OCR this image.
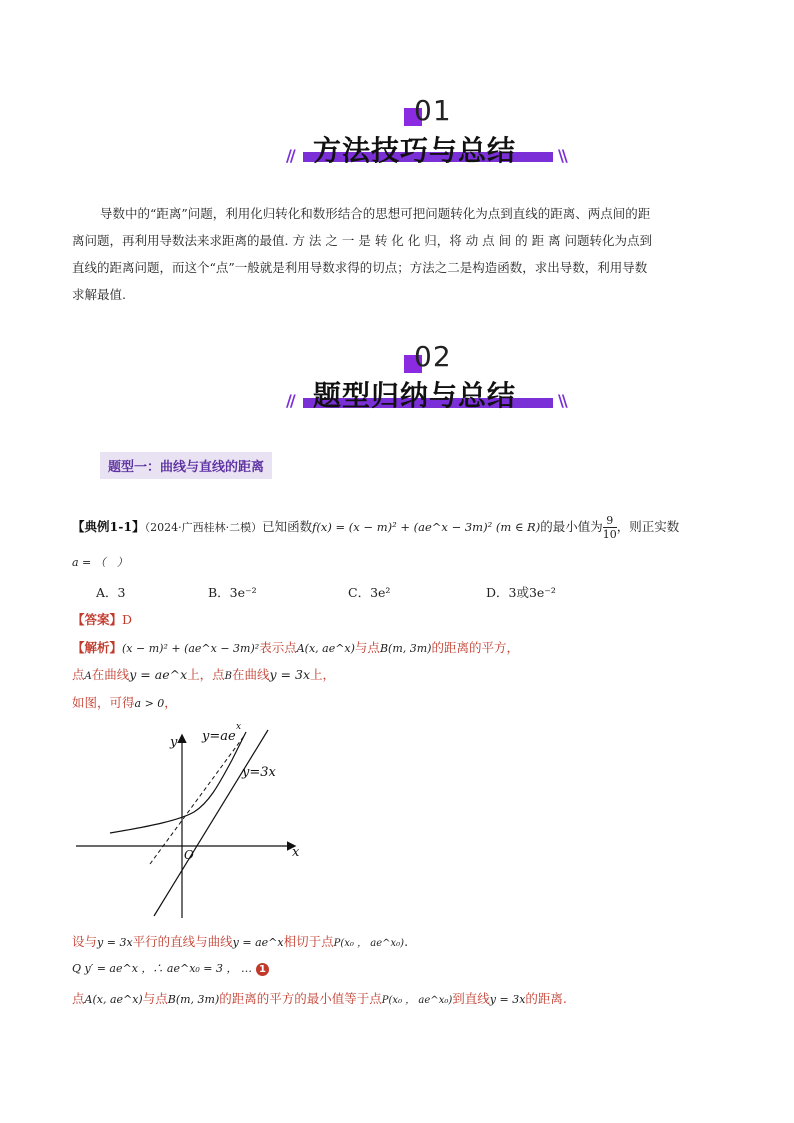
01
//	\\
方法技巧与总结
导数中的“距离”问题，利用化归转化和数形结合的思想可把问题转化为点到直线的距离、两点间的距
离问题，再利用导数法来求距离的最值. 方 法 之 一 是 转 化 化 归，将 动 点 间 的 距 离 问题转化为点到
直线的距离问题，而这个“点”一般就是利用导数求得的切点；方法之二是构造函数，求出导数，利用导数
求解最值.
02
//	\\
题型归纳与总结
题型一：曲线与直线的距离
【典例1-1】（2024·广西桂林·二模）已知函数f(x) = (x − m)² + (ae^x − 3m)² (m ∈ R)的最小值为 $\frac{9}{10}$ ，则正实数
a = （　）
A．3	B．3e⁻²	C．3e²	D．3或3e⁻²
【答案】D
【解析】(x − m)² + (ae^x − 3m)²表示点A(x, ae^x)与点B(m, 3m)的距离的平方，
点A在曲线y = ae^x上，点B在曲线y = 3x上，
如图，可得a > 0，
y=ae
x
y=3x
y
x
O
设与y = 3x平行的直线与曲线y = ae^x相切于点P(x₀ ， ae^x₀).
Q y′ = ae^x ，∴ ae^x₀ = 3 ， … 1
点A(x, ae^x)与点B(m, 3m)的距离的平方的最小值等于点P(x₀ ， ae^x₀)到直线y = 3x的距离.
